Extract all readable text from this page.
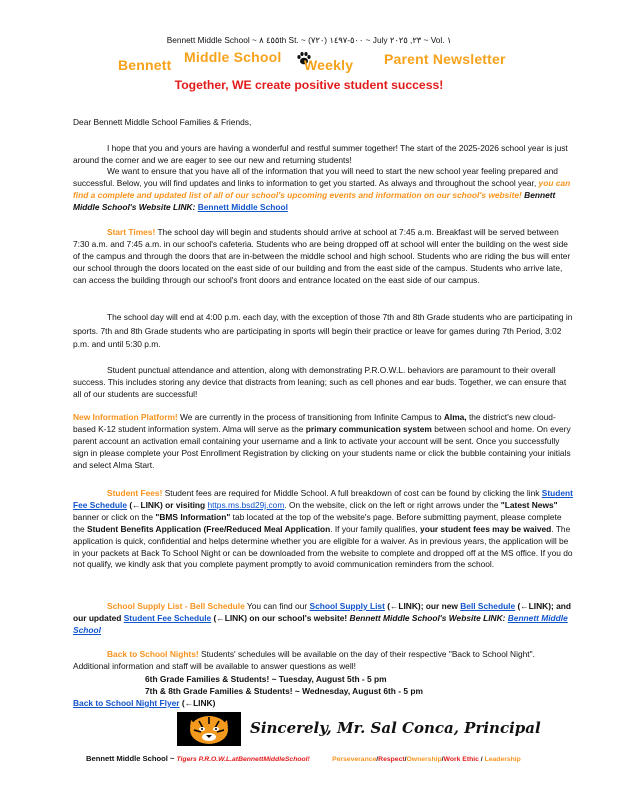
Bennett Middle School ~ ٤٥٥ ٨th St. ~ (٧٢٠) ٥٠٠-١٤٩٧ ~ July ٢٣, ٢٠٢٥ ~ Vol. ١
Bennett Middle School Weekly Parent Newsletter
Together, WE create positive student success!

Dear Bennett Middle School Families & Friends,

I hope that you and yours are having a wonderful and restful summer together! The start of the 2025-2026 school year is just around the corner and we are eager to see our new and returning students!

We want to ensure that you have all of the information that you will need to start the new school year feeling prepared and successful. Below, you will find updates and links to information to get you started. As always and throughout the school year, you can find a complete and updated list of all of our school's upcoming events and information on our school's website! Bennett Middle School's Website LINK: Bennett Middle School

Start Times! The school day will begin and students should arrive at school at 7:45 a.m. Breakfast will be served between 7:30 a.m. and 7:45 a.m. in our school's cafeteria. Students who are being dropped off at school will enter the building on the west side of the campus and through the doors that are in-between the middle school and high school. Students who are riding the bus will enter our school through the doors located on the east side of our building and from the east side of the campus. Students who arrive late, can access the building through our school's front doors and entrance located on the east side of our campus.

The school day will end at 4:00 p.m. each day, with the exception of those 7th and 8th Grade students who are participating in sports. 7th and 8th Grade students who are participating in sports will begin their practice or leave for games during 7th Period, 3:02 p.m. and until 5:30 p.m.

Student punctual attendance and attention, along with demonstrating P.R.O.W.L. behaviors are paramount to their overall success. This includes storing any device that distracts from leaning; such as cell phones and ear buds. Together, we can ensure that all of our students are successful!

New Information Platform! We are currently in the process of transitioning from Infinite Campus to Alma, the district's new cloud-based K-12 student information system. Alma will serve as the primary communication system between school and home. On every parent account an activation email containing your username and a link to activate your account will be sent. Once you successfully sign in please complete your Post Enrollment Registration by clicking on your students name or click the bubble containing your initials and select Alma Start.

Student Fees! Student fees are required for Middle School. A full breakdown of cost can be found by clicking the link Student Fee Schedule (←LINK) or visiting https.ms.bsd29j.com. On the website, click on the left or right arrows under the "Latest News" banner or click on the "BMS Information" tab located at the top of the website's page. Before submitting payment, please complete the Student Benefits Application (Free/Reduced Meal Application. If your family qualifies, your student fees may be waived. The application is quick, confidential and helps determine whether you are eligible for a waiver. As in previous years, the application will be in your packets at Back To School Night or can be downloaded from the website to complete and dropped off at the MS office. If you do not qualify, we kindly ask that you complete payment promptly to avoid communication reminders from the school.

School Supply List - Bell Schedule You can find our School Supply List (←LINK); our new Bell Schedule (←LINK); and our updated Student Fee Schedule (←LINK) on our school's website! Bennett Middle School's Website LINK: Bennett Middle School

Back to School Nights! Students' schedules will be available on the day of their respective "Back to School Night". Additional information and staff will be available to answer questions as well!

6th Grade Families & Students! ~ Tuesday, August 5th - 5 pm
7th & 8th Grade Families & Students! ~ Wednesday, August 6th - 5 pm
Back to School Night Flyer (←LINK)
Sincerely, Mr. Sal Conca, Principal
Bennett Middle School ~ Tigers P.R.O.W.L.atBennettMiddleSchool!	Perseverance/Respect/Ownership/Work Ethic / Leadership
